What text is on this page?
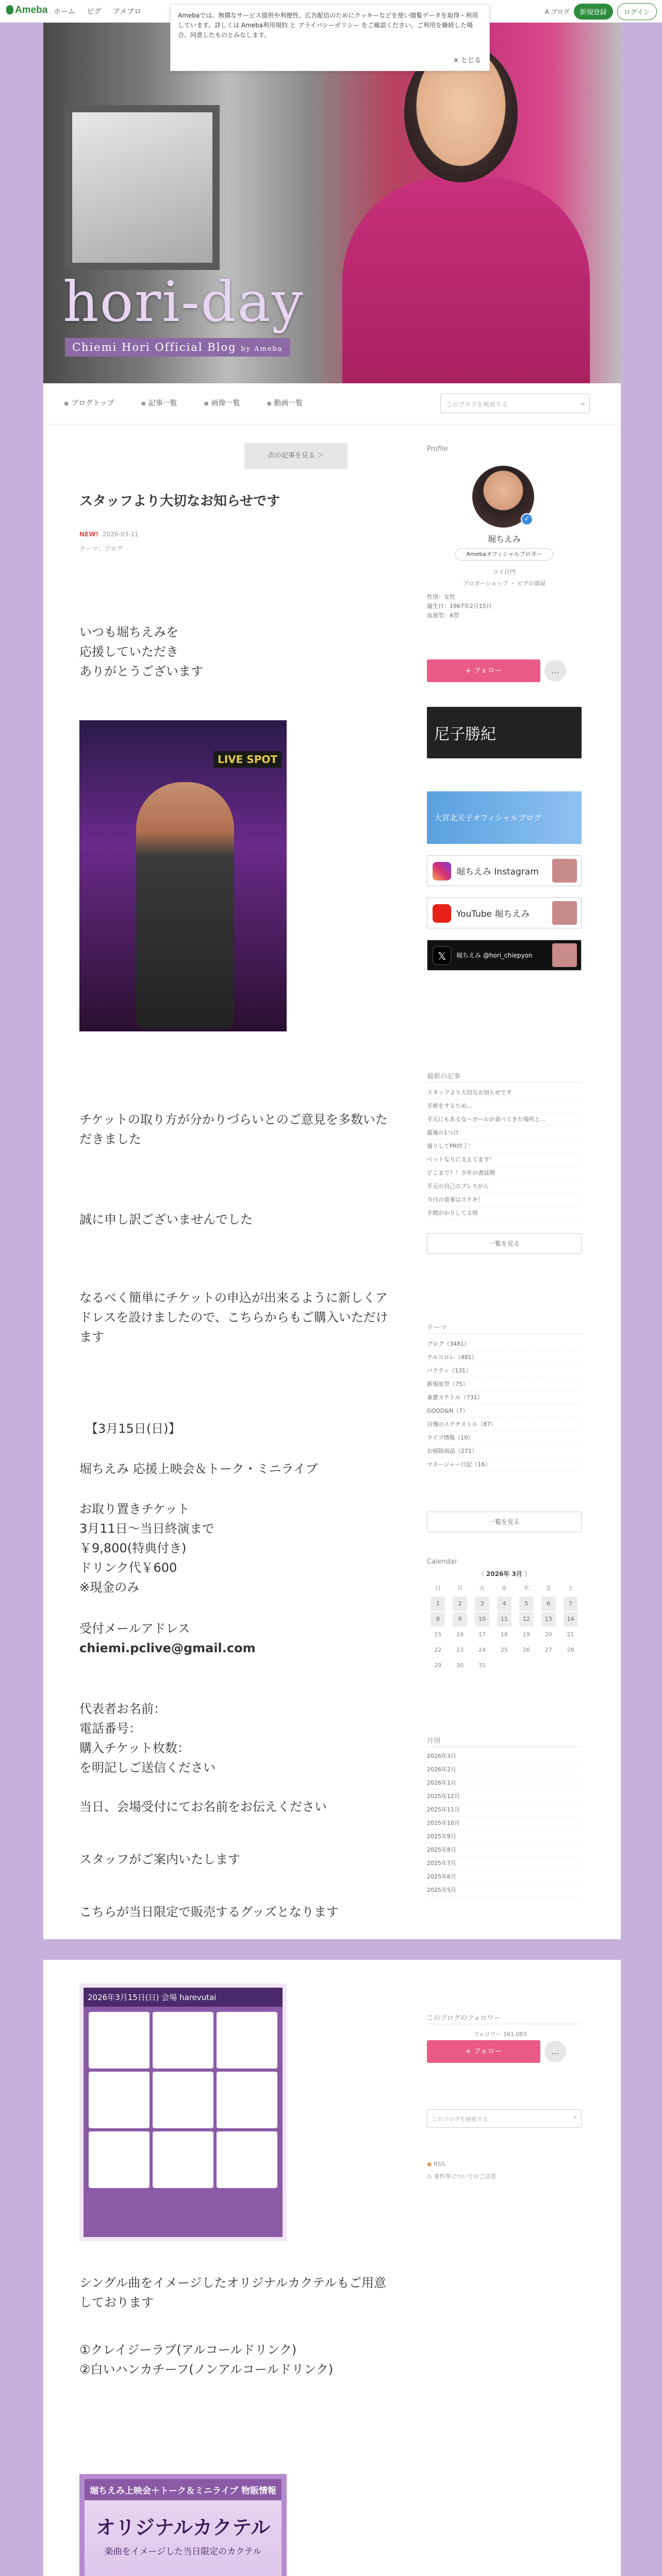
Ameba ホーム ピグ アメブロ	A ブログ	新規登録	ログイン
Amebaでは、無償なサービス提供や利便性、広告配信のためにクッキーなどを使い閲覧データを取得・利用しています。詳しくは Ameba利用規約 と プライバシーポリシー をご確認ください。ご利用を継続した場合、同意したものとみなします。
× とじる
hori-day
Chiemi Hori Official Blog by Ameba
▪ ブログトップ	▪ 記事一覧	▪ 画像一覧	▪ 動画一覧	このブログを検索する	⌕
次の記事を見る ＞
スタッフより大切なお知らせです
NEW! 2026-03-11
テーマ：ブログ
いつも堀ちえみを
応援していただき
ありがとうございます
LIVE SPOT
チケットの取り方が分かりづらいとのご意見を多数いた
だきました
誠に申し訳ございませんでした
なるべく簡単にチケットの申込が出来るように新しくア
ドレスを設けましたので、こちらからもご購入いただけ
ます
【3月15日(日)】
堀ちえみ 応援上映会＆トーク・ミニライブ
お取り置きチケット
3月11日〜当日終演まで
￥9,800(特典付き)
ドリンク代￥600
※現金のみ
受付メールアドレス
chiemi.pclive@gmail.com
代表者お名前：
電話番号：
購入チケット枚数：
を明記しご送信ください
当日、会場受付にてお名前をお伝えください
スタッフがご案内いたします
こちらが当日限定で販売するグッズとなります
2026年3月15日(日) 会場 harevutai
シングル曲をイメージしたオリジナルカクテルもご用意
しております
①クレイジーラブ(アルコールドリンク)
②白いハンカチーフ(ノンアルコールドリンク)
堀ちえみ上映会＋トーク＆ミニライブ 物販情報
オリジナルカクテル
楽曲をイメージした当日限定のカクテル
Profile
✓
堀ちえみ
Amebaオフィシャルブロガー
ツイ日門
プロガーショップ ・ ピグの部屋
性別：女性
誕生日：1967年2月15日
血液型：A型
+ フォロー	…
尼子勝紀
大宮北天子オフィシャルブログ
堀ちえみ Instagram
YouTube 堀ちえみ
𝕏	堀ちえみ @hori_chiepyon
最新の記事
スタッフより大切なお知らせです
手術をするため...
手元にもある女ーガールが食べてきた場所と...
最後の1つけ
盛りしてPR終了！
ペットなりに支えてます！
どこまで？！少年の書誌期
手元の自己のプレスがら
今日の食事はステキ！
手間がかりしてる時
一覧を見る
テーマ
ブログ（3481）
テルコロレ（481）
バクティ（131）
新規皿型（75）
東蒙ステトル（731）
GOOD&N（7）
自慢のステチストル（87）
ライブ情報（10）
お掃除商品（271）
マネージャー日記（16）
一覧を見る
Calendar
〈 2026年 3月 〉
日	月	火	水	木	金	土
1	2	3	4	5	6	7
8	9	10	11	12	13	14
15	16	17	18	19	20	21
22	23	24	25	26	27	28
29	30	31
月別
2026年3月
2026年2月
2026年1月
2025年12月
2025年11月
2025年10月
2025年9月
2025年8月
2025年7月
2025年6月
2025年5月
このブログのフォロワー
フォロワー 161,083
+ フォロー	…
このブログを検索する	⌕
◉ RSS
⚠ 事件等についてのご注意
